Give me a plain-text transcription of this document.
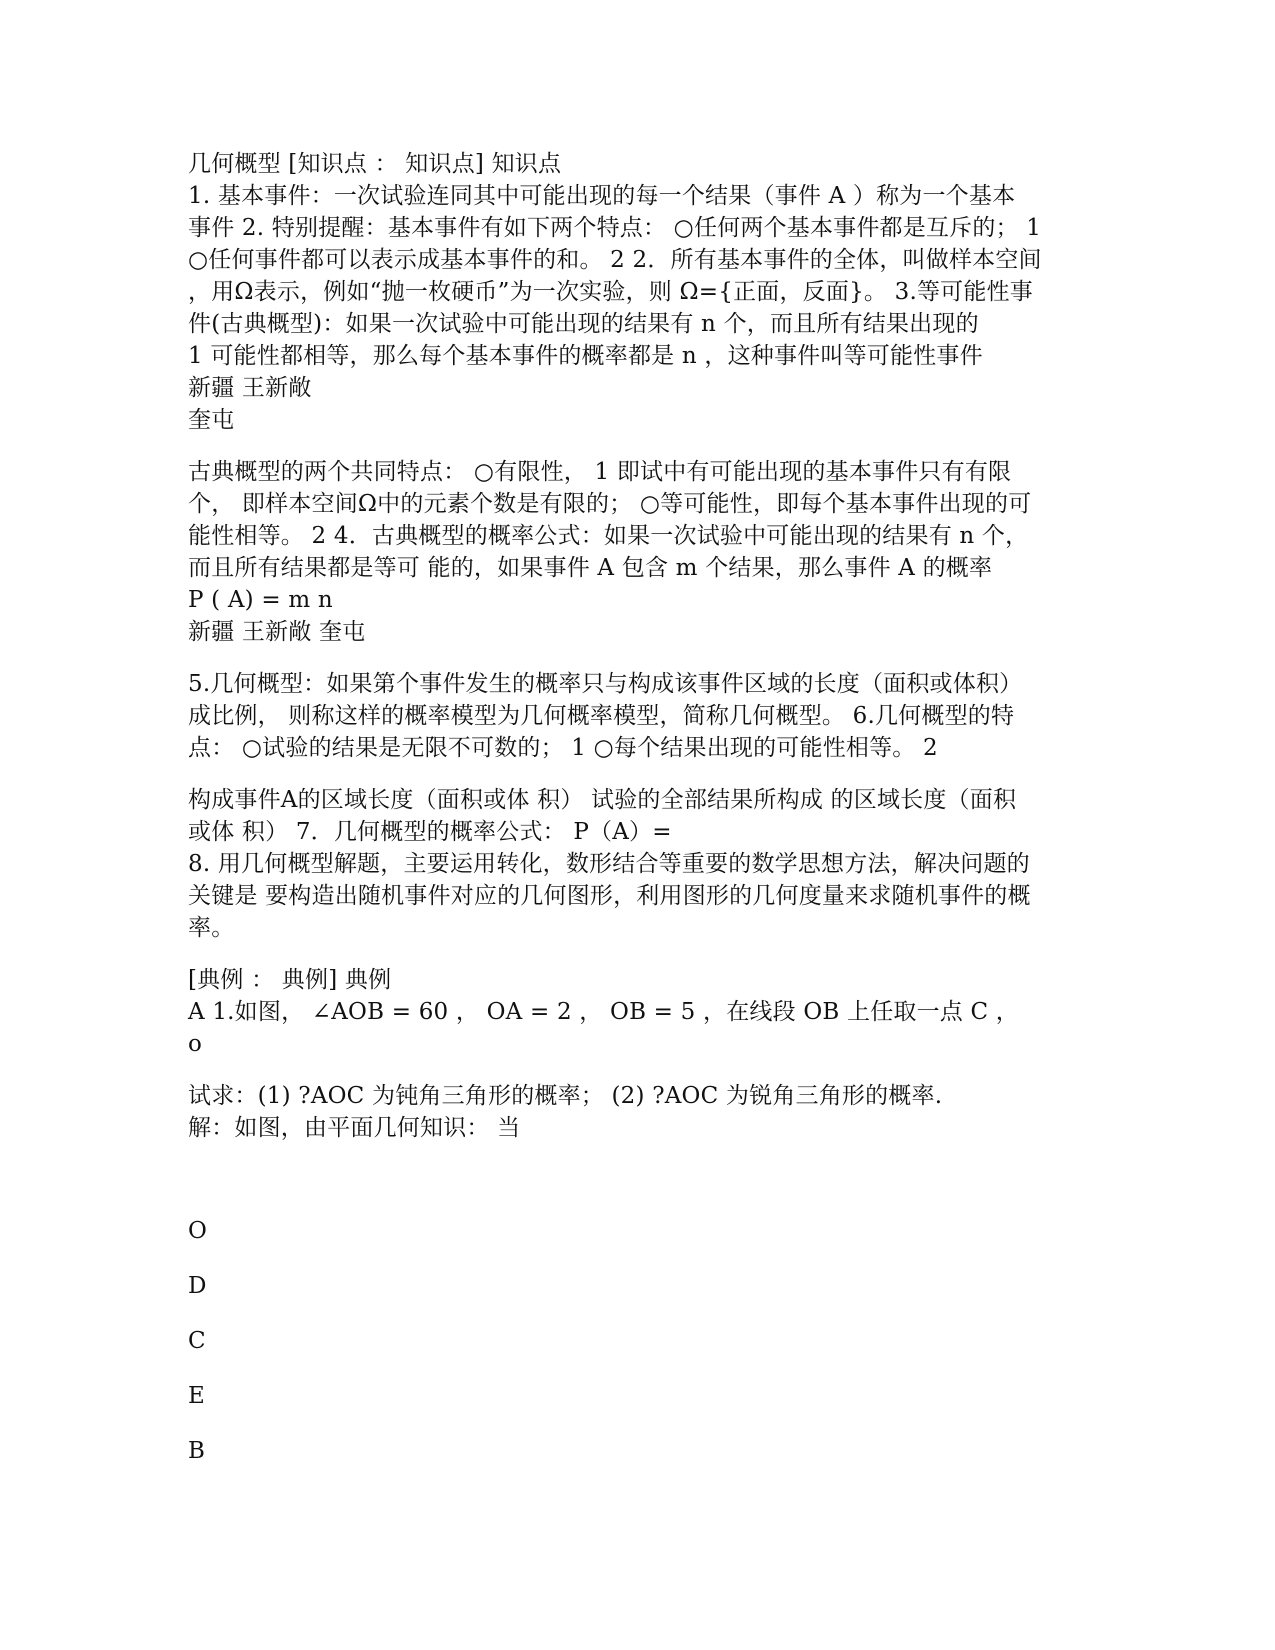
几何概型 [知识点 ： 知识点] 知识点
1. 基本事件：一次试验连同其中可能出现的每一个结果（事件 A ）称为一个基本
事件 2. 特别提醒：基本事件有如下两个特点： ○任何两个基本事件都是互斥的； 1
○任何事件都可以表示成基本事件的和。 2 2．所有基本事件的全体，叫做样本空间
，用Ω表示，例如“抛一枚硬币”为一次实验，则 Ω={正面，反面}。 3.等可能性事
件(古典概型)：如果一次试验中可能出现的结果有 n 个，而且所有结果出现的
1 可能性都相等，那么每个基本事件的概率都是 n ，这种事件叫等可能性事件
新疆 王新敞
奎屯
古典概型的两个共同特点： ○有限性， 1 即试中有可能出现的基本事件只有有限
个， 即样本空间Ω中的元素个数是有限的； ○等可能性，即每个基本事件出现的可
能性相等。 2 4．古典概型的概率公式：如果一次试验中可能出现的结果有 n 个，
而且所有结果都是等可 能的，如果事件 A 包含 m 个结果，那么事件 A 的概率
P ( A) = m n
新疆 王新敞 奎屯
5.几何概型：如果第个事件发生的概率只与构成该事件区域的长度（面积或体积）
成比例， 则称这样的概率模型为几何概率模型，简称几何概型。 6.几何概型的特
点： ○试验的结果是无限不可数的； 1 ○每个结果出现的可能性相等。 2
构成事件A的区域长度（面积或体 积） 试验的全部结果所构成 的区域长度（面积
或体 积） 7．几何概型的概率公式： P（A）=
8. 用几何概型解题，主要运用转化，数形结合等重要的数学思想方法，解决问题的
关键是 要构造出随机事件对应的几何图形，利用图形的几何度量来求随机事件的概
率。
[典例 ： 典例] 典例
A 1.如图， ∠AOB = 60 ， OA = 2 ， OB = 5 ，在线段 OB 上任取一点 C ，
o
试求：(1) ?AOC 为钝角三角形的概率； (2) ?AOC 为锐角三角形的概率.
解：如图，由平面几何知识： 当
O
D
C
E
B
